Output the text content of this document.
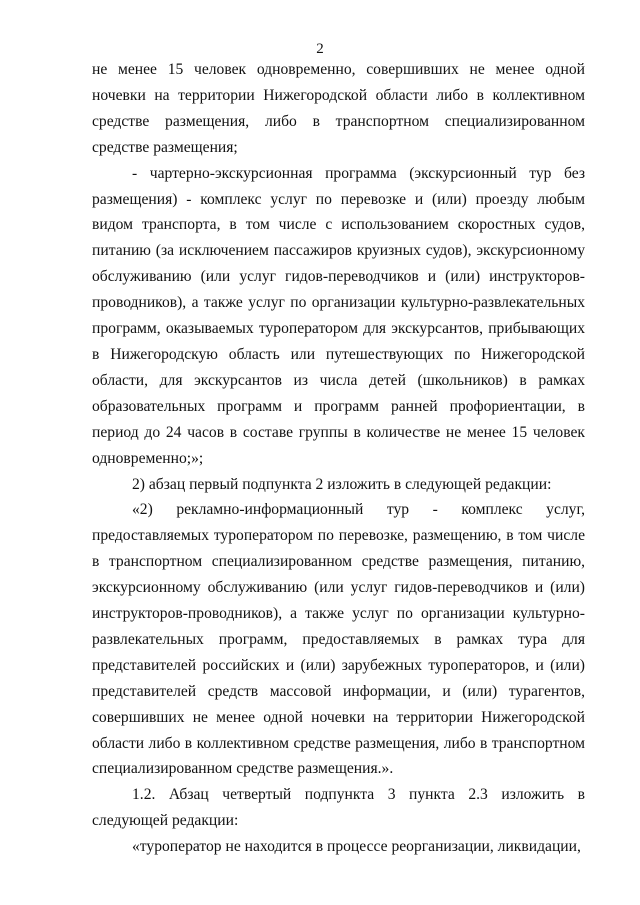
2

не менее 15 человек одновременно, совершивших не менее одной ночевки на территории Нижегородской области либо в коллективном средстве размещения, либо в транспортном специализированном средстве размещения;

- чартерно-экскурсионная программа (экскурсионный тур без размещения) - комплекс услуг по перевозке и (или) проезду любым видом транспорта, в том числе с использованием скоростных судов, питанию (за исключением пассажиров круизных судов), экскурсионному обслуживанию (или услуг гидов-переводчиков и (или) инструкторов-проводников), а также услуг по организации культурно-развлекательных программ, оказываемых туроператором для экскурсантов, прибывающих в Нижегородскую область или путешествующих по Нижегородской области, для экскурсантов из числа детей (школьников) в рамках образовательных программ и программ ранней профориентации, в период до 24 часов в составе группы в количестве не менее 15 человек одновременно;»;

2) абзац первый подпункта 2 изложить в следующей редакции:

«2) рекламно-информационный тур - комплекс услуг, предоставляемых туроператором по перевозке, размещению, в том числе в транспортном специализированном средстве размещения, питанию, экскурсионному обслуживанию (или услуг гидов-переводчиков и (или) инструкторов-проводников), а также услуг по организации культурно-развлекательных программ, предоставляемых в рамках тура для представителей российских и (или) зарубежных туроператоров, и (или) представителей средств массовой информации, и (или) турагентов, совершивших не менее одной ночевки на территории Нижегородской области либо в коллективном средстве размещения, либо в транспортном специализированном средстве размещения.».

1.2. Абзац четвертый подпункта 3 пункта 2.3 изложить в следующей редакции:

«туроператор не находится в процессе реорганизации, ликвидации,
